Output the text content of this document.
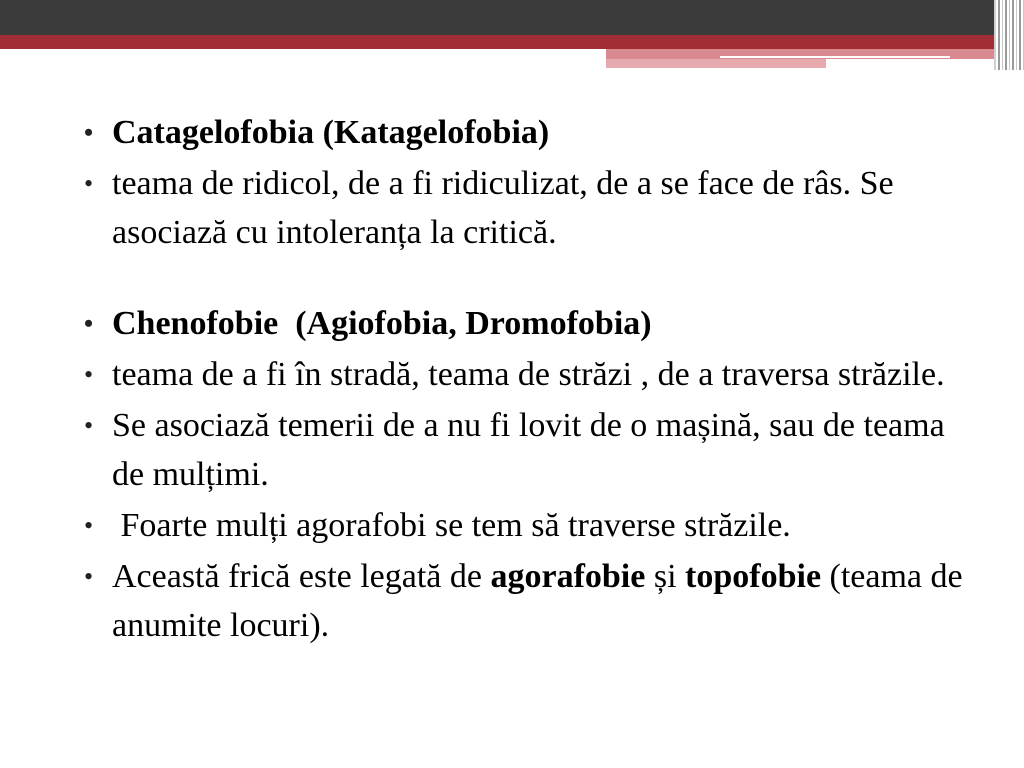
• Catagelofobia (Katagelofobia)
• teama de ridicol, de a fi ridiculizat, de a se face de râs. Se asociază cu intoleranța la critică.
• Chenofobie  (Agiofobia, Dromofobia)
• teama de a fi în stradă, teama de străzi , de a traversa străzile.
• Se asociază temerii de a nu fi lovit de o mașină, sau de teama de mulțimi.
• Foarte mulți agorafobi se tem să traverse străzile.
• Această frică este legată de agorafobie și topofobie (teama de anumite locuri).
